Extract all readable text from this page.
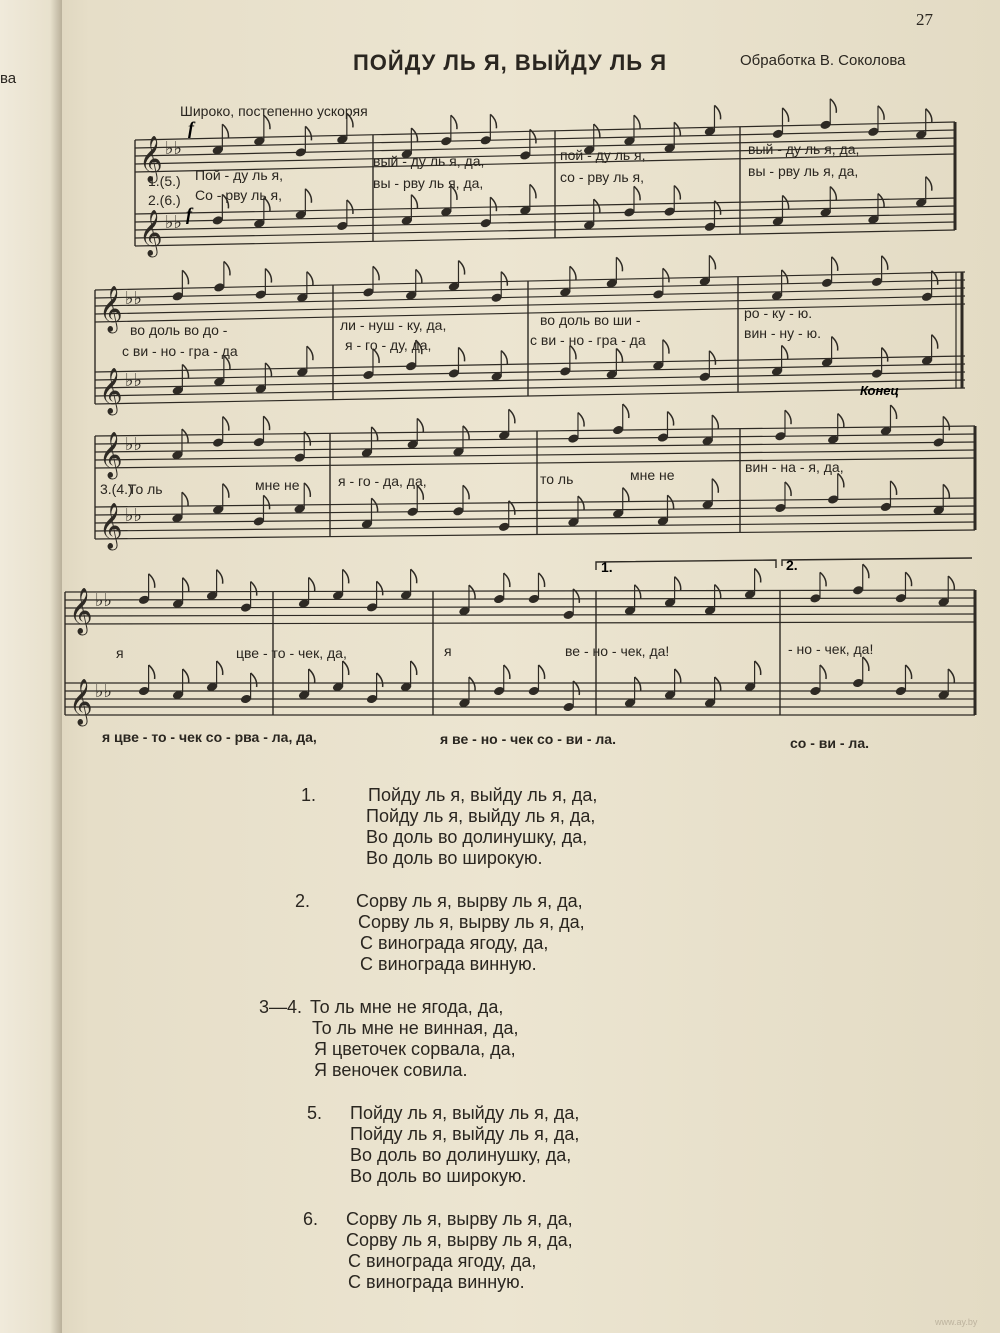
ва
27
ПОЙДУ ЛЬ Я, ВЫЙДУ ЛЬ Я	Обработка В. Соколова
Широко, постепенно ускоряя
𝄞 ♭♭
𝄞 ♭♭
𝄞 ♭♭
𝄞 ♭♭
𝄞 ♭♭
𝄞 ♭♭
𝄞 ♭♭
𝄞 ♭♭
f
f
1.(5.)
2.(6.)
Пой - ду ль я,
вый - ду ль я, да,	пой - ду ль я,	вый - ду ль я, да,
Со - рву ль я,
вы - рву ль я, да,	со - рву ль я,	вы - рву ль я, да,
во доль во до -	ли - нуш - ку, да,	во доль во ши -	ро - ку - ю.
с ви - но - гра - да	я - го - ду, да,	с ви - но - гра - да	вин - ну - ю.
Конец
3.(4.)
То ль	мне не	я - го - да, да,	то ль	мне не	вин - на - я, да,
1.	2.
я	цве - то - чек, да,	я	ве - но - чек, да!	- но - чек, да!
я цве - то - чек со - рва - ла, да,	я ве - но - чек со - ви - ла.	со - ви - ла.
1.	Пойду ль я, выйду ль я, да,
Пойду ль я, выйду ль я, да,
Во доль во долинушку, да,
Во доль во широкую.
2.	Сорву ль я, вырву ль я, да,
Сорву ль я, вырву ль я, да,
С винограда ягоду, да,
С винограда винную.
3—4. То ль мне не ягода, да,
То ль мне не винная, да,
Я цветочек сорвала, да,
Я веночек совила.
5.	Пойду ль я, выйду ль я, да,
Пойду ль я, выйду ль я, да,
Во доль во долинушку, да,
Во доль во широкую.
6.	Сорву ль я, вырву ль я, да,
Сорву ль я, вырву ль я, да,
С винограда ягоду, да,
С винограда винную.
www.ay.by
